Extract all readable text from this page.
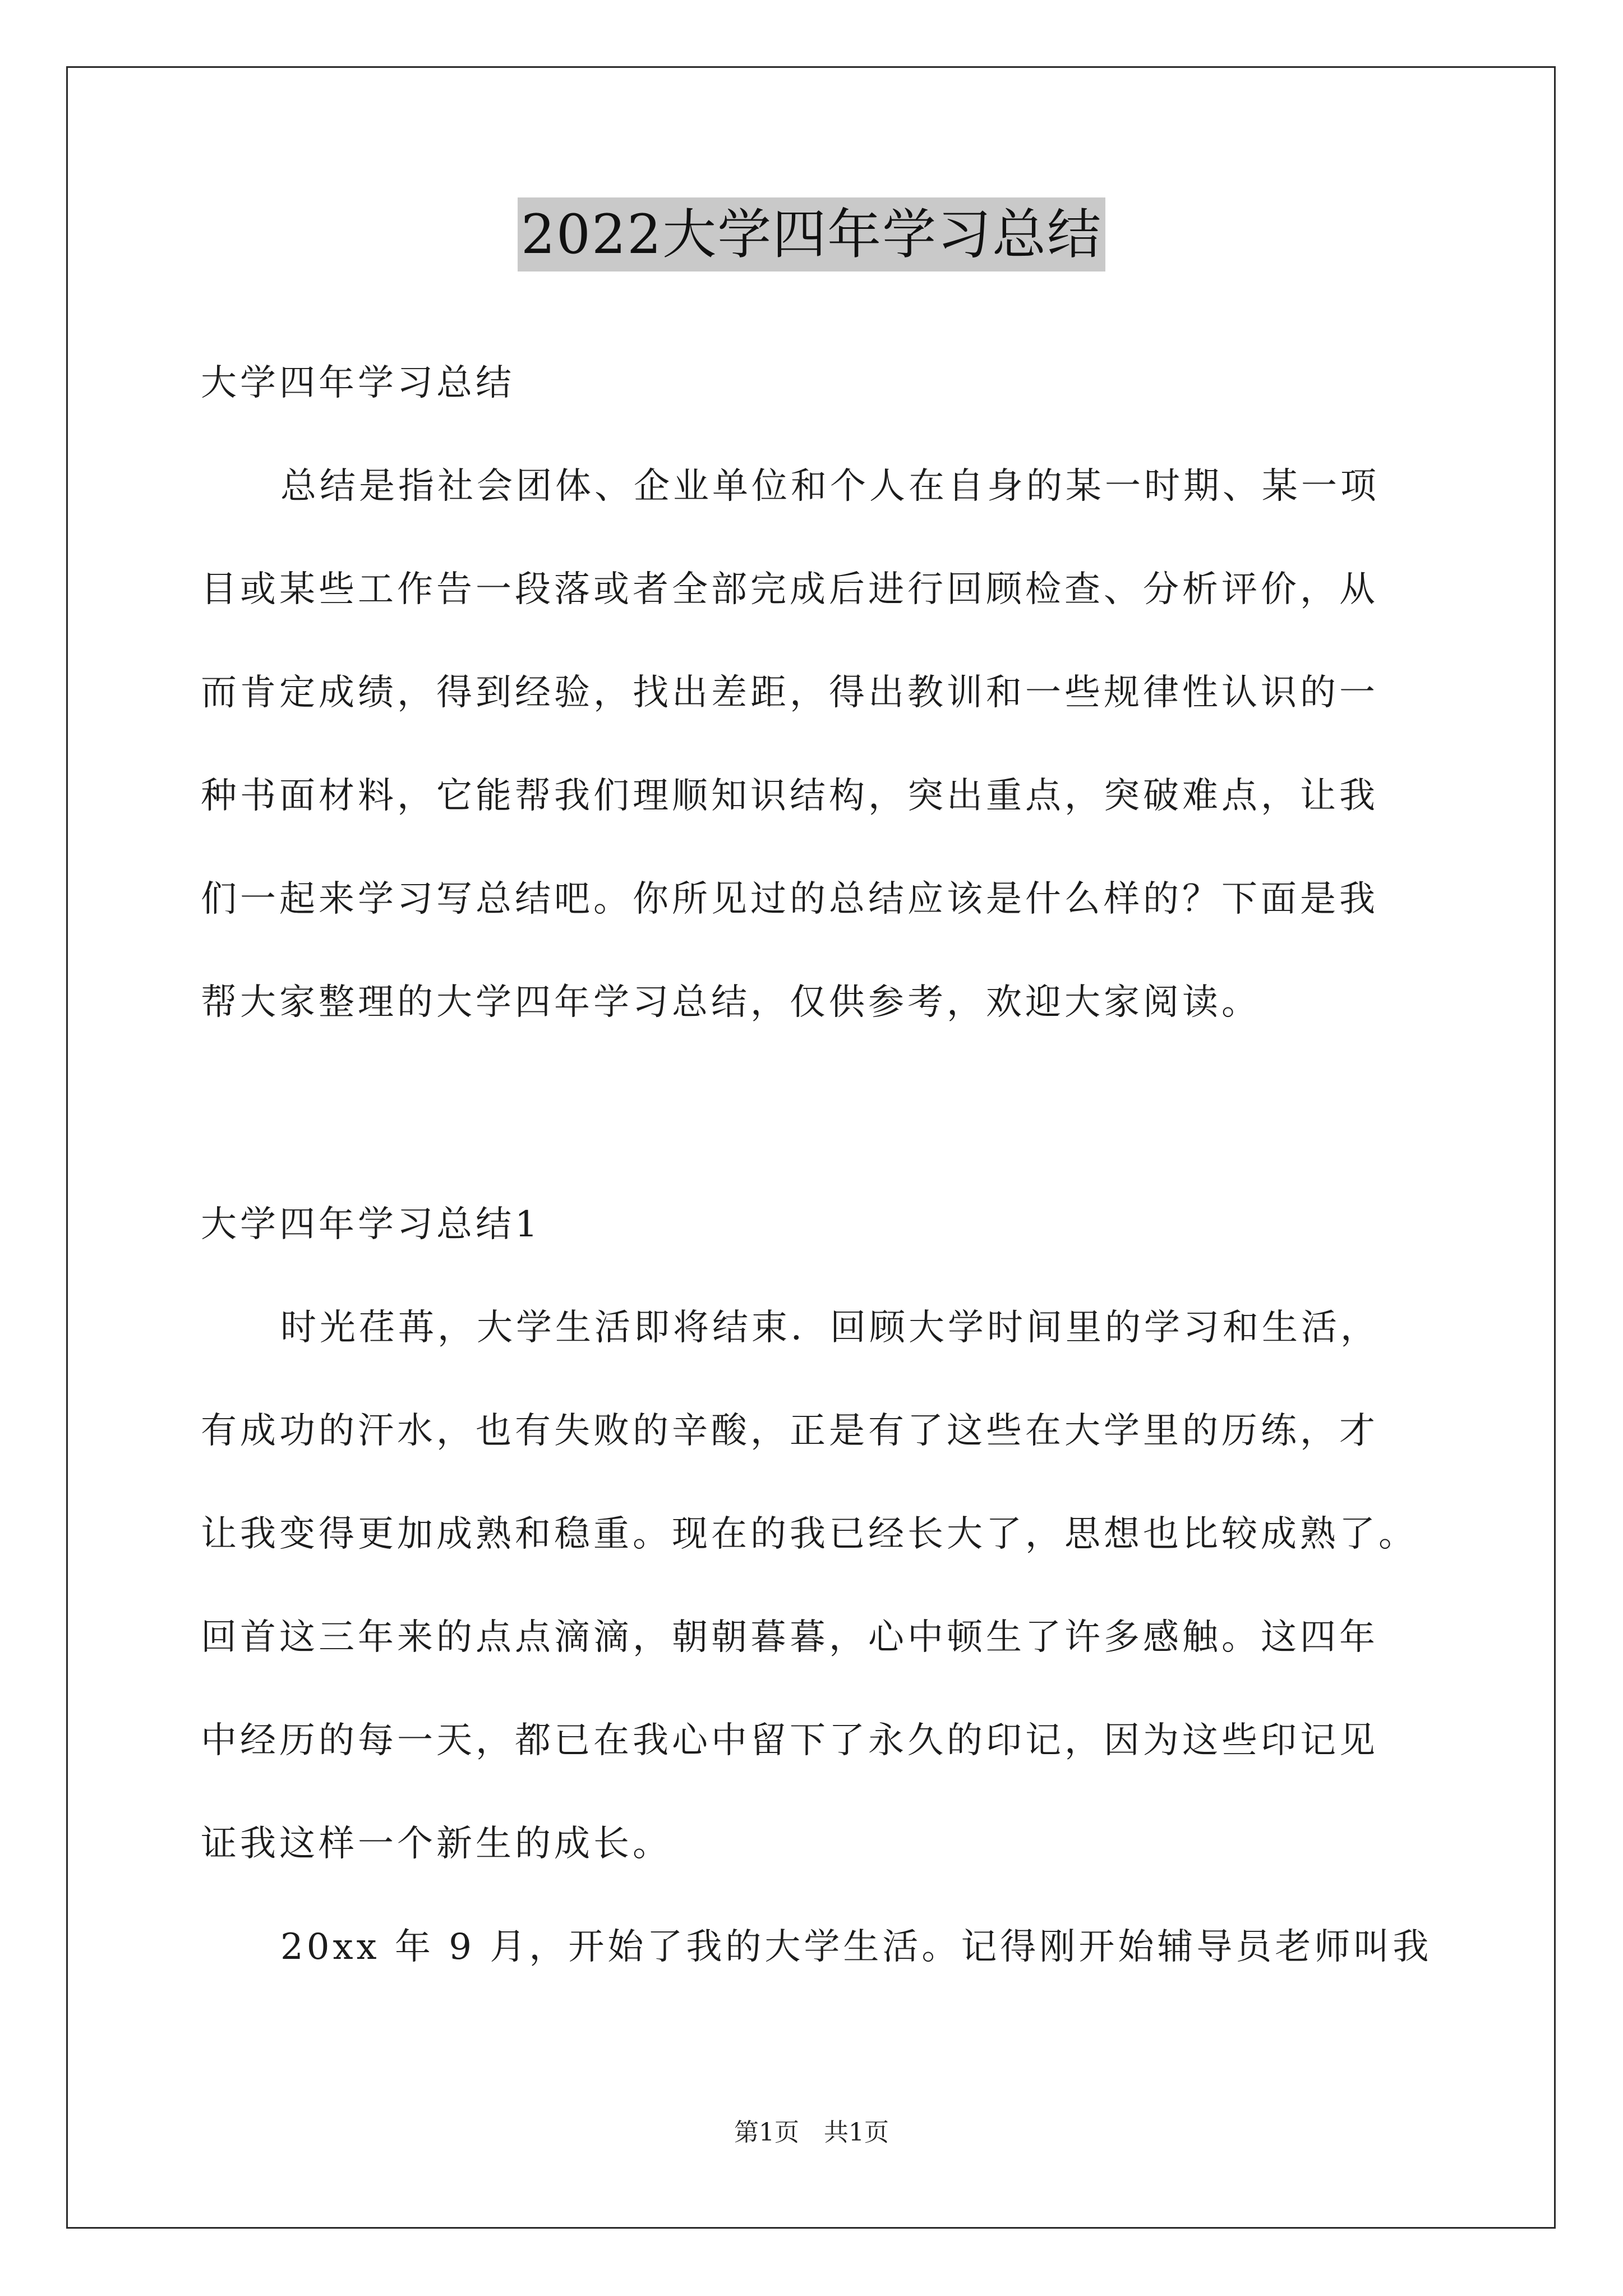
2022大学四年学习总结
大学四年学习总结
总结是指社会团体、企业单位和个人在自身的某一时期、某一项
目或某些工作告一段落或者全部完成后进行回顾检查、分析评价，从
而肯定成绩，得到经验，找出差距，得出教训和一些规律性认识的一
种书面材料，它能帮我们理顺知识结构，突出重点，突破难点，让我
们一起来学习写总结吧。你所见过的总结应该是什么样的？下面是我
帮大家整理的大学四年学习总结，仅供参考，欢迎大家阅读。
大学四年学习总结1
时光荏苒，大学生活即将结束．回顾大学时间里的学习和生活，
有成功的汗水，也有失败的辛酸，正是有了这些在大学里的历练，才
让我变得更加成熟和稳重。现在的我已经长大了，思想也比较成熟了。
回首这三年来的点点滴滴，朝朝暮暮，心中顿生了许多感触。这四年
中经历的每一天，都已在我心中留下了永久的印记，因为这些印记见
证我这样一个新生的成长。
20xx 年 9 月，开始了我的大学生活。记得刚开始辅导员老师叫我
第1页　共1页
